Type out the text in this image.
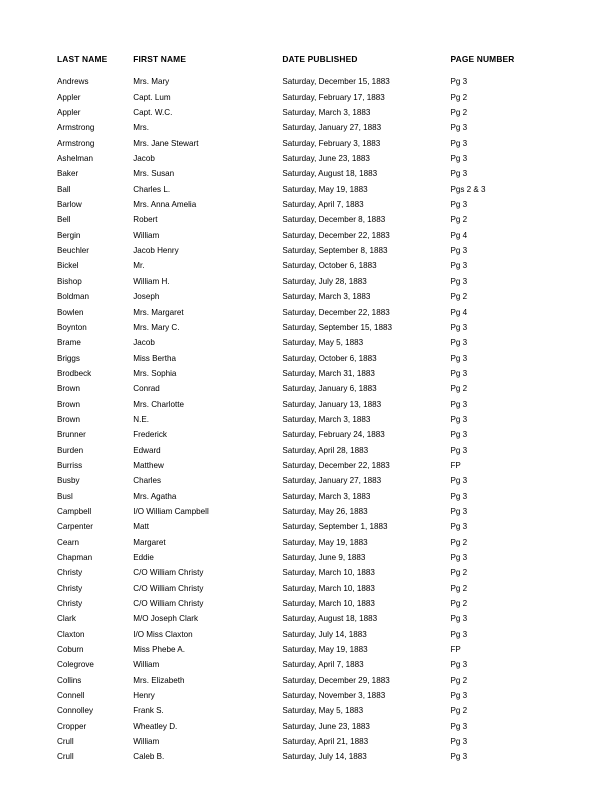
LAST NAME	FIRST NAME	DATE PUBLISHED	PAGE NUMBER
Andrews	Mrs. Mary	Saturday, December 15, 1883	Pg 3
Appler	Capt. Lum	Saturday, February 17, 1883	Pg 2
Appler	Capt. W.C.	Saturday, March 3, 1883	Pg 2
Armstrong	Mrs.	Saturday, January 27, 1883	Pg 3
Armstrong	Mrs. Jane Stewart	Saturday, February 3, 1883	Pg 3
Ashelman	Jacob	Saturday, June 23, 1883	Pg 3
Baker	Mrs. Susan	Saturday, August 18, 1883	Pg 3
Ball	Charles L.	Saturday, May 19, 1883	Pgs 2 & 3
Barlow	Mrs. Anna Amelia	Saturday, April 7, 1883	Pg 3
Bell	Robert	Saturday, December 8, 1883	Pg 2
Bergin	William	Saturday, December 22, 1883	Pg 4
Beuchler	Jacob Henry	Saturday, September 8, 1883	Pg 3
Bickel	Mr.	Saturday, October 6, 1883	Pg 3
Bishop	William H.	Saturday, July 28, 1883	Pg 3
Boldman	Joseph	Saturday, March 3, 1883	Pg 2
Bowlen	Mrs. Margaret	Saturday, December 22, 1883	Pg 4
Boynton	Mrs. Mary C.	Saturday, September 15, 1883	Pg 3
Brame	Jacob	Saturday, May 5, 1883	Pg 3
Briggs	Miss Bertha	Saturday, October 6, 1883	Pg 3
Brodbeck	Mrs. Sophia	Saturday, March 31, 1883	Pg 3
Brown	Conrad	Saturday, January 6, 1883	Pg 2
Brown	Mrs. Charlotte	Saturday, January 13, 1883	Pg 3
Brown	N.E.	Saturday, March 3, 1883	Pg 3
Brunner	Frederick	Saturday, February 24, 1883	Pg 3
Burden	Edward	Saturday, April 28, 1883	Pg 3
Burriss	Matthew	Saturday, December 22, 1883	FP
Busby	Charles	Saturday, January 27, 1883	Pg 3
Busl	Mrs. Agatha	Saturday, March 3, 1883	Pg 3
Campbell	I/O William Campbell	Saturday, May 26, 1883	Pg 3
Carpenter	Matt	Saturday, September 1, 1883	Pg 3
Cearn	Margaret	Saturday, May 19, 1883	Pg 2
Chapman	Eddie	Saturday, June 9, 1883	Pg 3
Christy	C/O William Christy	Saturday, March 10, 1883	Pg 2
Christy	C/O William Christy	Saturday, March 10, 1883	Pg 2
Christy	C/O William Christy	Saturday, March 10, 1883	Pg 2
Clark	M/O Joseph Clark	Saturday, August 18, 1883	Pg 3
Claxton	I/O Miss Claxton	Saturday, July 14, 1883	Pg 3
Coburn	Miss Phebe A.	Saturday, May 19, 1883	FP
Colegrove	William	Saturday, April 7, 1883	Pg 3
Collins	Mrs. Elizabeth	Saturday, December 29, 1883	Pg 2
Connell	Henry	Saturday, November 3, 1883	Pg 3
Connolley	Frank S.	Saturday, May 5, 1883	Pg 2
Cropper	Wheatley D.	Saturday, June 23, 1883	Pg 3
Crull	William	Saturday, April 21, 1883	Pg 3
Crull	Caleb B.	Saturday, July 14, 1883	Pg 3
